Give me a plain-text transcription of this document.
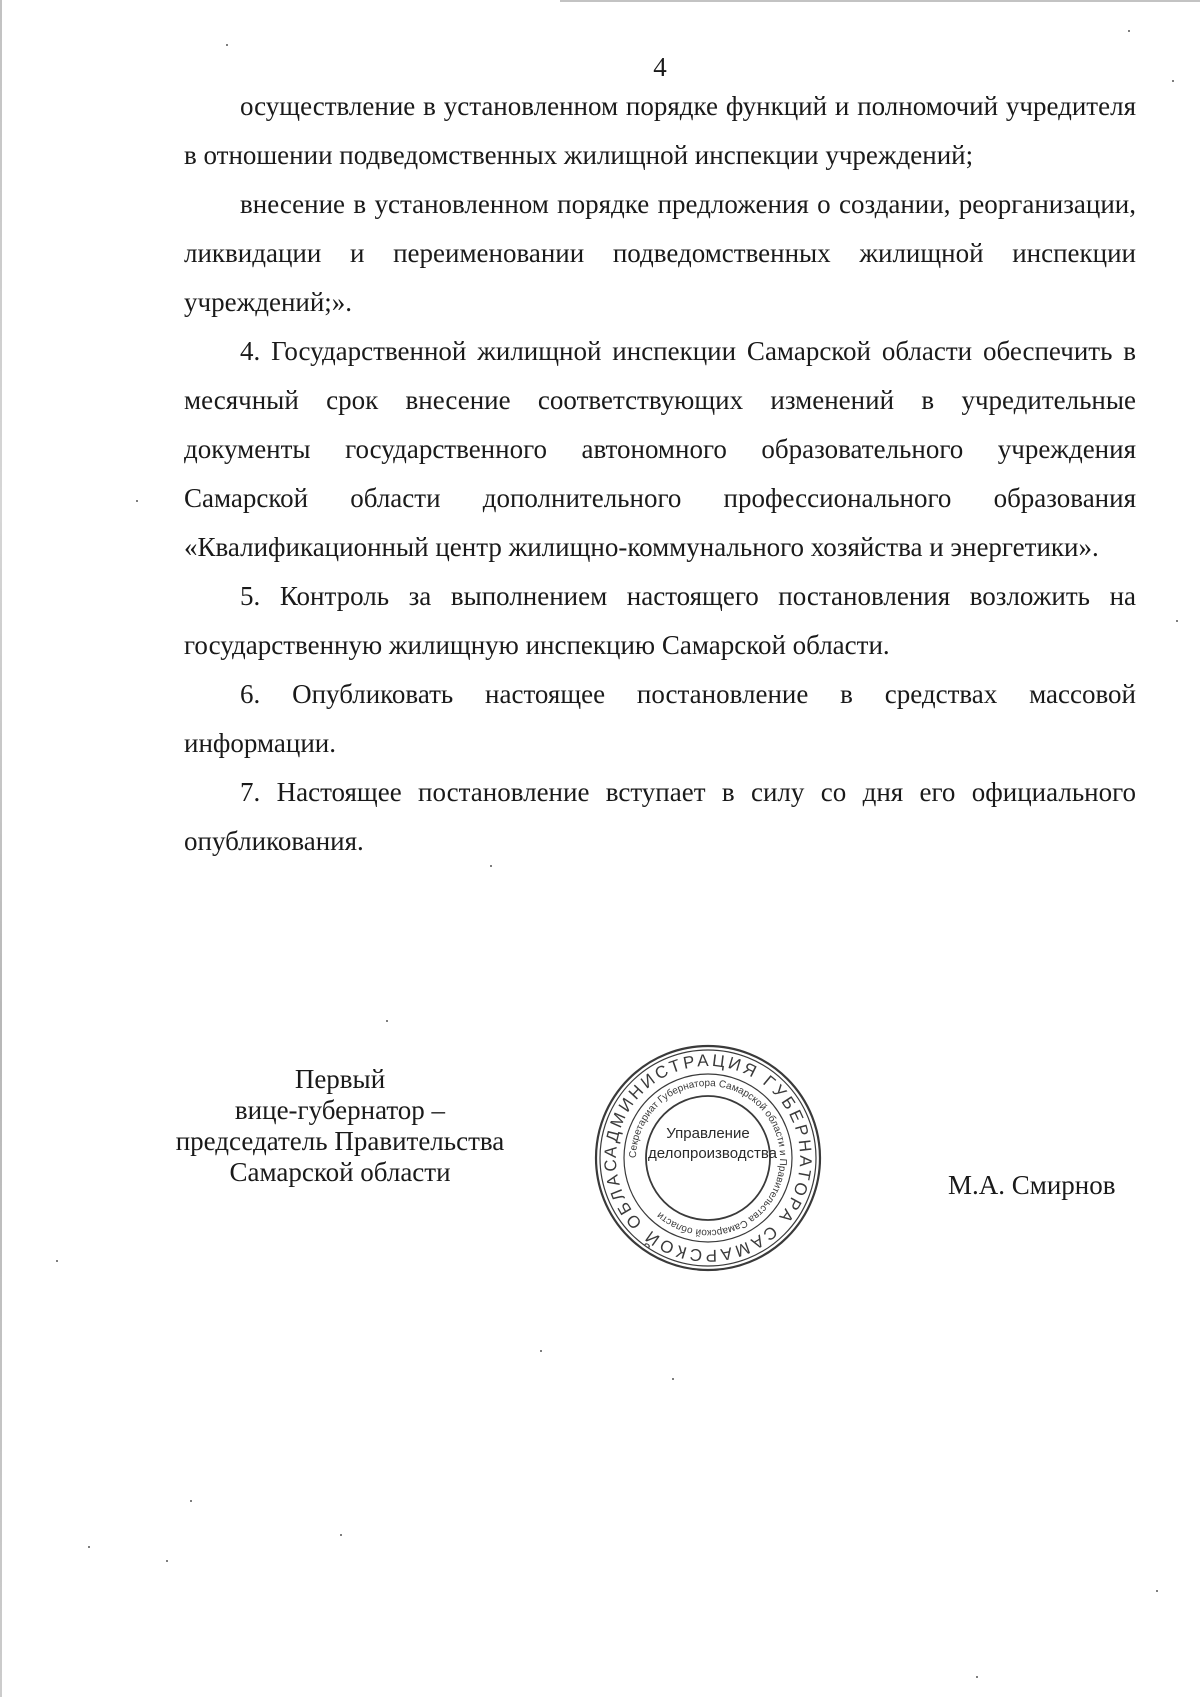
4

осуществление в установленном порядке функций и полномочий учредителя в отношении подведомственных жилищной инспекции учреждений;

внесение в установленном порядке предложения о создании, реорганизации, ликвидации и переименовании подведомственных жилищной инспекции учреждений;».

4. Государственной жилищной инспекции Самарской области обеспечить в месячный срок внесение соответствующих изменений в учредительные документы государственного автономного образовательного учреждения Самарской области дополнительного профессионального образования «Квалификационный центр жилищно-коммунального хозяйства и энергетики».

5. Контроль за выполнением настоящего постановления возложить на государственную жилищную инспекцию Самарской области.

6. Опубликовать настоящее постановление в средствах массовой информации.

7. Настоящее постановление вступает в силу со дня его официального опубликования.

Первый
вице-губернатор –
председатель Правительства
Самарской области
АДМИНИСТРАЦИЯ ГУБЕРНАТОРА САМАРСКОЙ ОБЛАС
Секретариат Губернатора Самарской области и Правительства Самарской области
Управление
делопроизводства
М.А. Смирнов
